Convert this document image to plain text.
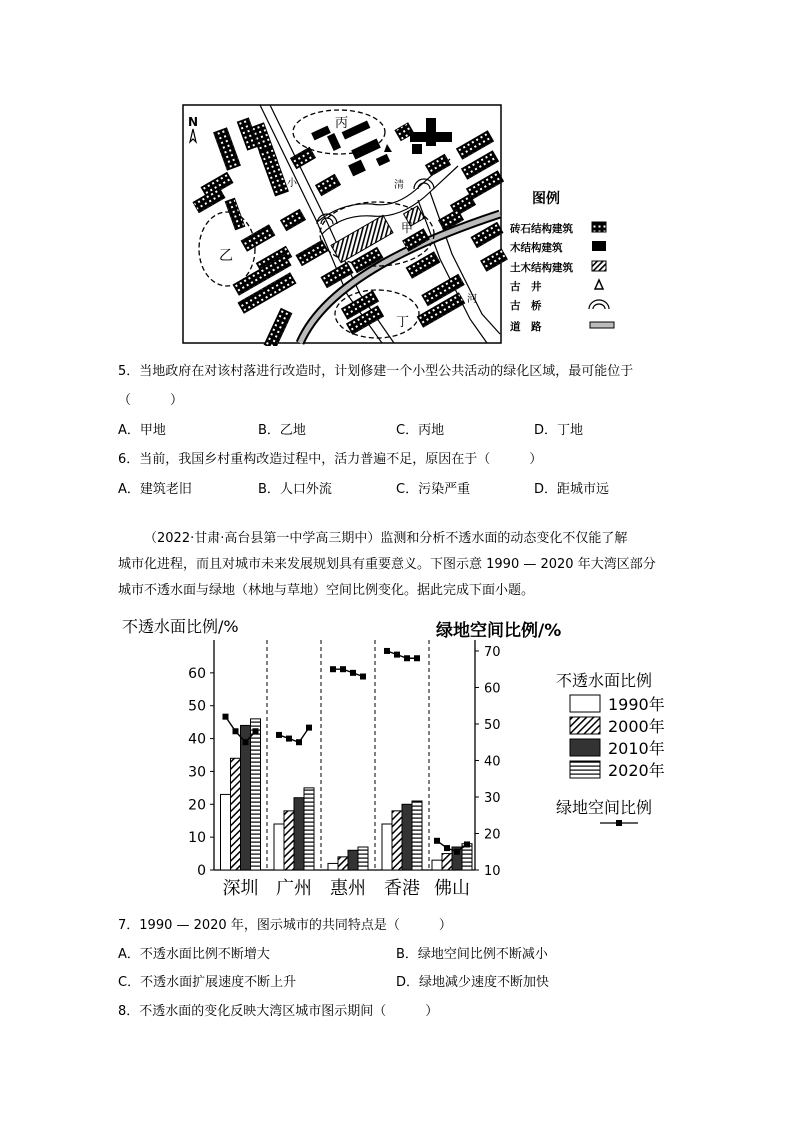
N	丙
乙
甲
丁
小	清
河
图例
砖石结构建筑
木结构建筑
土木结构建筑
古　井
古　桥
道　路
5．当地政府在对该村落进行改造时，计划修建一个小型公共活动的绿化区域，最可能位于
（　　　）
A．甲地	B．乙地	C．丙地	D．丁地
6．当前，我国乡村重构改造过程中，活力普遍不足，原因在于（　　　）
A．建筑老旧	B．人口外流	C．污染严重	D．距城市远
（2022·甘肃·高台县第一中学高三期中）监测和分析不透水面的动态变化不仅能了解
城市化进程，而且对城市未来发展规划具有重要意义。下图示意 1990 — 2020 年大湾区部分
城市不透水面与绿地（林地与草地）空间比例变化。据此完成下面小题。
不透水面比例/%	绿地空间比例/%
0
10
20
30
40
50
60
10
20
30
40
50
60
70
深圳 广州 惠州 香港 佛山
不透水面比例
1990年
2000年
2010年
2020年
绿地空间比例
7．1990 — 2020 年，图示城市的共同特点是（　　　）
A．不透水面比例不断增大	B．绿地空间比例不断减小
C．不透水面扩展速度不断上升	D．绿地减少速度不断加快
8．不透水面的变化反映大湾区城市图示期间（　　　）
